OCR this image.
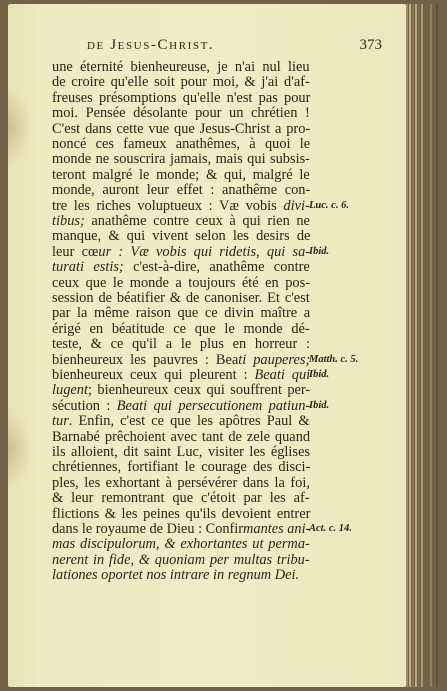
de Jesus-Christ.	373
une éternité bienheureuse, je n'ai nul lieu
de croire qu'elle soit pour moi, & j'ai d'af-
freuses présomptions qu'elle n'est pas pour
moi. Pensée désolante pour un chrétien !
C'est dans cette vue que Jesus-Christ a pro-
noncé ces fameux anathêmes, à quoi le
monde ne souscrira jamais, mais qui subsis-
teront malgré le monde; & qui, malgré le
monde, auront leur effet : anathême con-
tre les riches voluptueux : Væ vobis divi-
tibus; anathême contre ceux à qui rien ne
manque, & qui vivent selon les desirs de
leur cœur : Væ vobis qui ridetis, qui sa-
turati estis; c'est-à-dire, anathême contre
ceux que le monde a toujours été en pos-
session de béatifier & de canoniser. Et c'est
par la même raison que ce divin maître a
érigé en béatitude ce que le monde dé-
teste, & ce qu'il a le plus en horreur :
bienheureux les pauvres : Beati pauperes;
bienheureux ceux qui pleurent : Beati qui
lugent; bienheureux ceux qui souffrent per-
sécution : Beati qui persecutionem patiun-
tur. Enfin, c'est ce que les apôtres Paul &
Barnabé prêchoient avec tant de zele quand
ils alloient, dit saint Luc, visiter les églises
chrétiennes, fortifiant le courage des disci-
ples, les exhortant à persévérer dans la foi,
& leur remontrant que c'étoit par les af-
flictions & les peines qu'ils devoient entrer
dans le royaume de Dieu : Confirmantes ani-
mas discipulorum, & exhortantes ut perma-
nerent in fide, & quoniam per multas tribu-
lationes oportet nos intrare in regnum Dei.
Luc. c. 6.
Ibid.
Matth. c. 5.
Ibid.
Ibid.
Act. c. 14.
